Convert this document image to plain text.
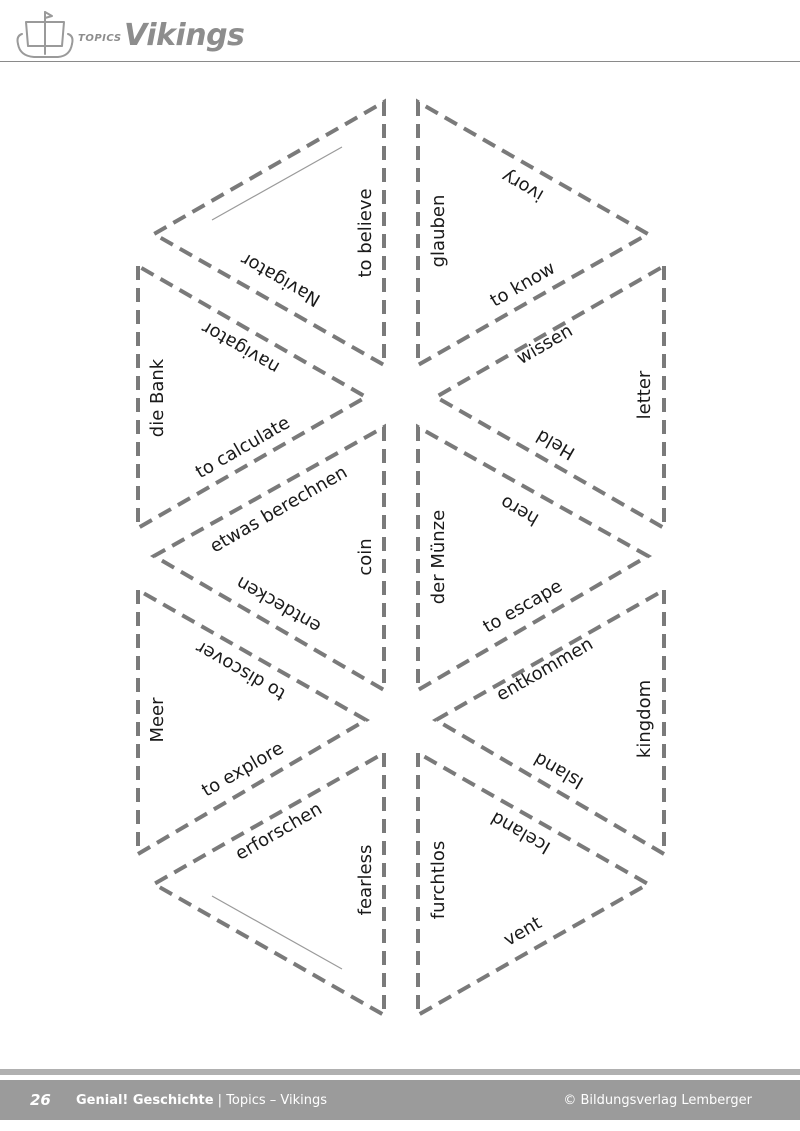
TOPICS Vikings
to believe
Navigator
ivory
glauben
to know
navigator
die Bank
to calculate
wissen
letter
etwas berechnen coin
Held
hero
der Münze
entdecken	to escape
to discover	entkommen
Meer
to explore
kingdom
Island
erforschen
fearless	furchtlos
Iceland
vent
26 Genial! Geschichte | Topics – Vikings	© Bildungsverlag Lemberger
